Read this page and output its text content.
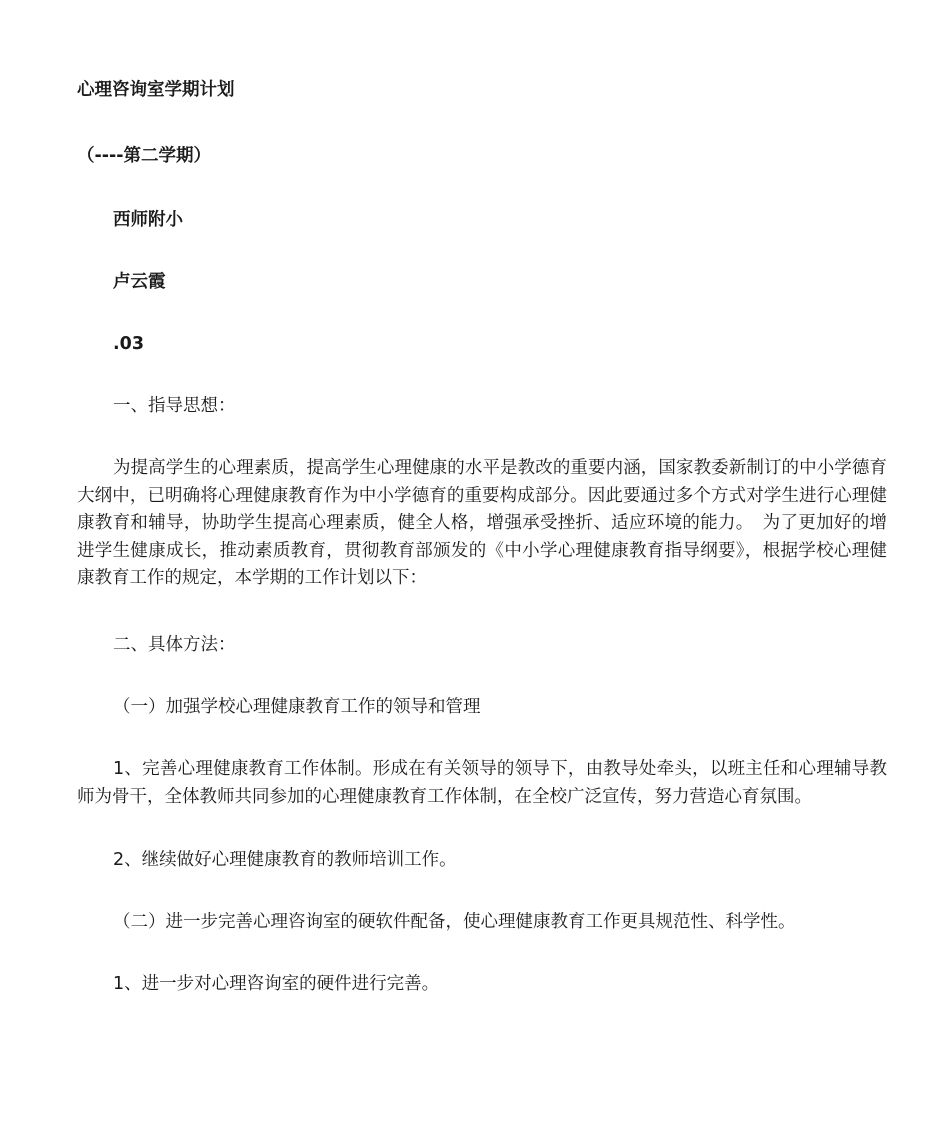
心理咨询室学期计划
（----第二学期）
西师附小
卢云霞
.03
一、指导思想：
为提高学生的心理素质，提高学生心理健康的水平是教改的重要内涵，国家教委新制订的中小学德育大纲中，已明确将心理健康教育作为中小学德育的重要构成部分。因此要通过多个方式对学生进行心理健康教育和辅导，协助学生提高心理素质，健全人格，增强承受挫折、适应环境的能力。　为了更加好的增进学生健康成长，推动素质教育，贯彻教育部颁发的《中小学心理健康教育指导纲要》，根据学校心理健康教育工作的规定，本学期的工作计划以下：
二、具体方法：
（一）加强学校心理健康教育工作的领导和管理
1、完善心理健康教育工作体制。形成在有关领导的领导下，由教导处牵头，以班主任和心理辅导教师为骨干，全体教师共同参加的心理健康教育工作体制，在全校广泛宣传，努力营造心育氛围。
2、继续做好心理健康教育的教师培训工作。
（二）进一步完善心理咨询室的硬软件配备，使心理健康教育工作更具规范性、科学性。
1、进一步对心理咨询室的硬件进行完善。
